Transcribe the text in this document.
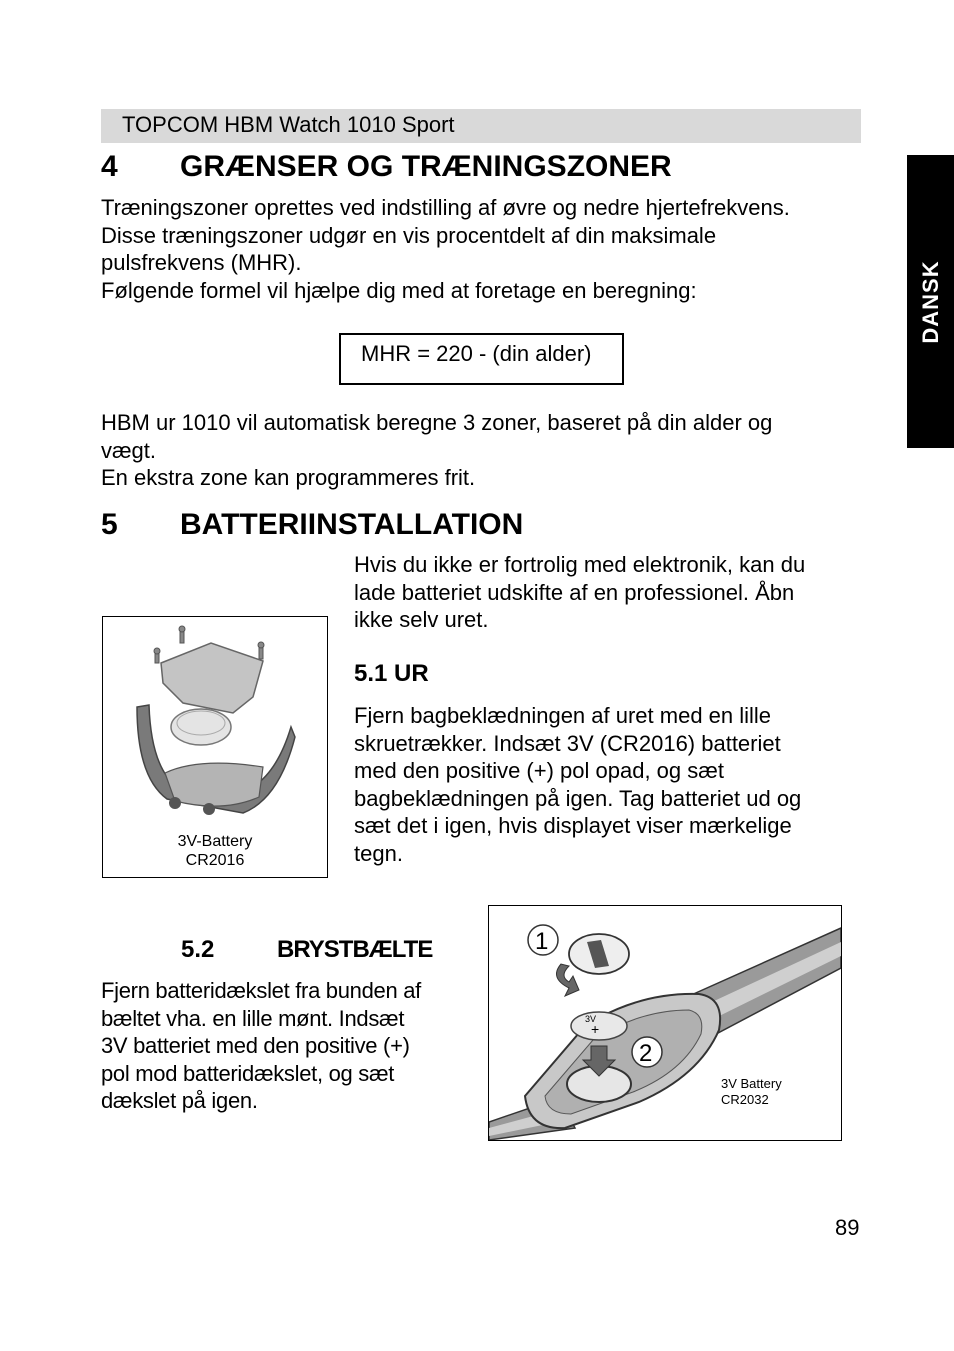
TOPCOM HBM Watch 1010 Sport
DANSK
4 GRÆNSER OG TRÆNINGSZONER
Træningszoner oprettes ved indstilling af øvre og nedre hjertefrekvens.
Disse træningszoner udgør en vis procentdelt af din maksimale
pulsfrekvens (MHR).
Følgende formel vil hjælpe dig med at foretage en beregning:
MHR = 220 - (din alder)
HBM ur 1010 vil automatisk beregne 3 zoner, baseret på din alder og
vægt.
En ekstra zone kan programmeres frit.
5 BATTERIINSTALLATION
Hvis du ikke er fortrolig med elektronik, kan du
lade batteriet udskifte af en professionel. Åbn
ikke selv uret.
3V-Battery
CR2016
5.1 UR
Fjern bagbeklædningen af uret med en lille
skruetrækker. Indsæt 3V (CR2016) batteriet
med den positive (+) pol opad, og sæt
bagbeklædningen på igen. Tag batteriet ud og
sæt det i igen, hvis displayet viser mærkelige
tegn.
5.2	BRYSTBÆLTE
Fjern batteridækslet fra bunden af
bæltet vha. en lille mønt. Indsæt
3V batteriet med den positive (+)
pol mod batteridækslet, og sæt
dækslet på igen.
3V
+
1
2
3V Battery
CR2032
89
